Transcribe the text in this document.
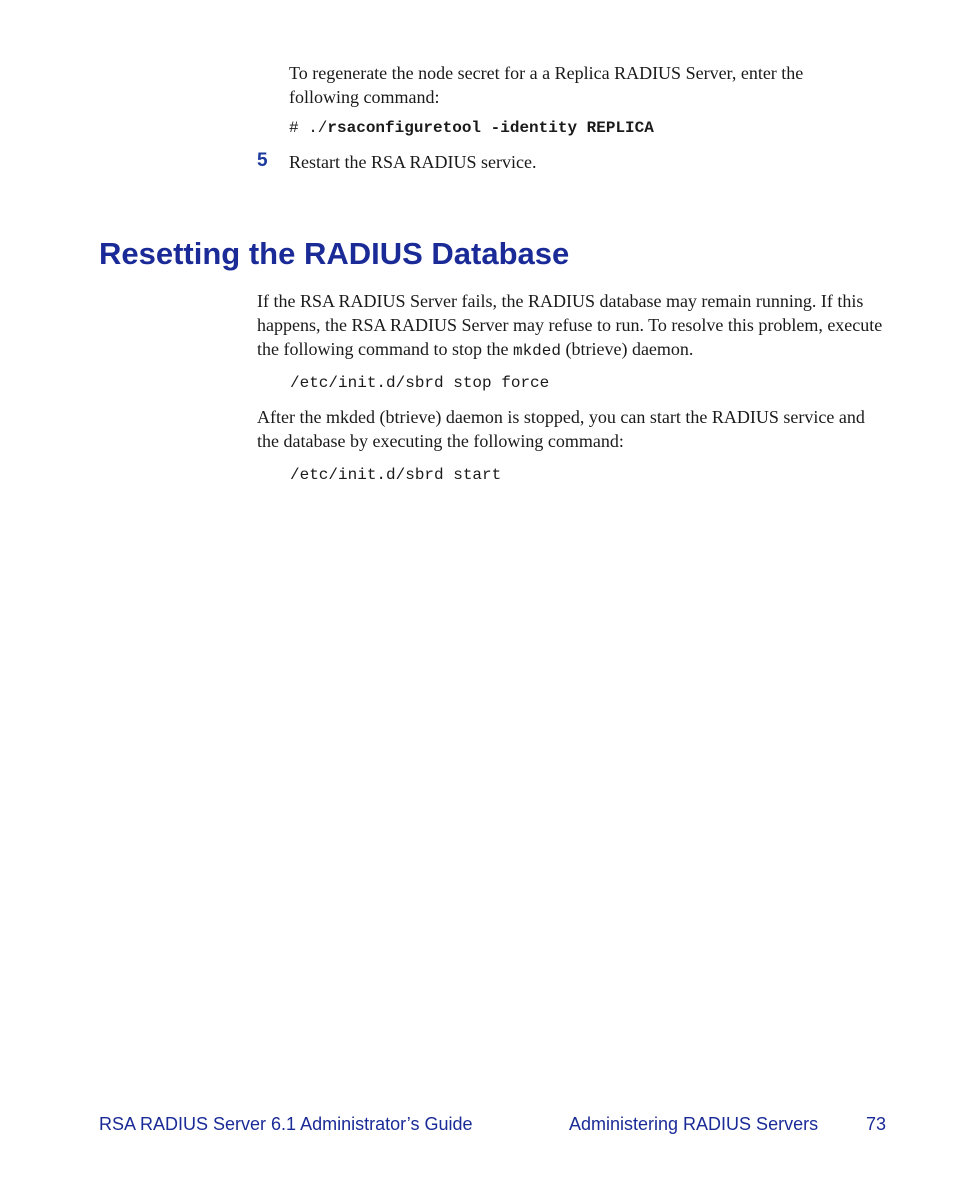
To regenerate the node secret for a a Replica RADIUS Server, enter the following command:

# ./rsaconfiguretool -identity REPLICA
5 Restart the RSA RADIUS service.

Resetting the RADIUS Database

If the RSA RADIUS Server fails, the RADIUS database may remain running. If this happens, the RSA RADIUS Server may refuse to run. To resolve this problem, execute the following command to stop the mkded (btrieve) daemon.

/etc/init.d/sbrd stop force

After the mkded (btrieve) daemon is stopped, you can start the RADIUS service and the database by executing the following command:

/etc/init.d/sbrd start
RSA RADIUS Server 6.1 Administrator’s Guide	Administering RADIUS Servers	73
